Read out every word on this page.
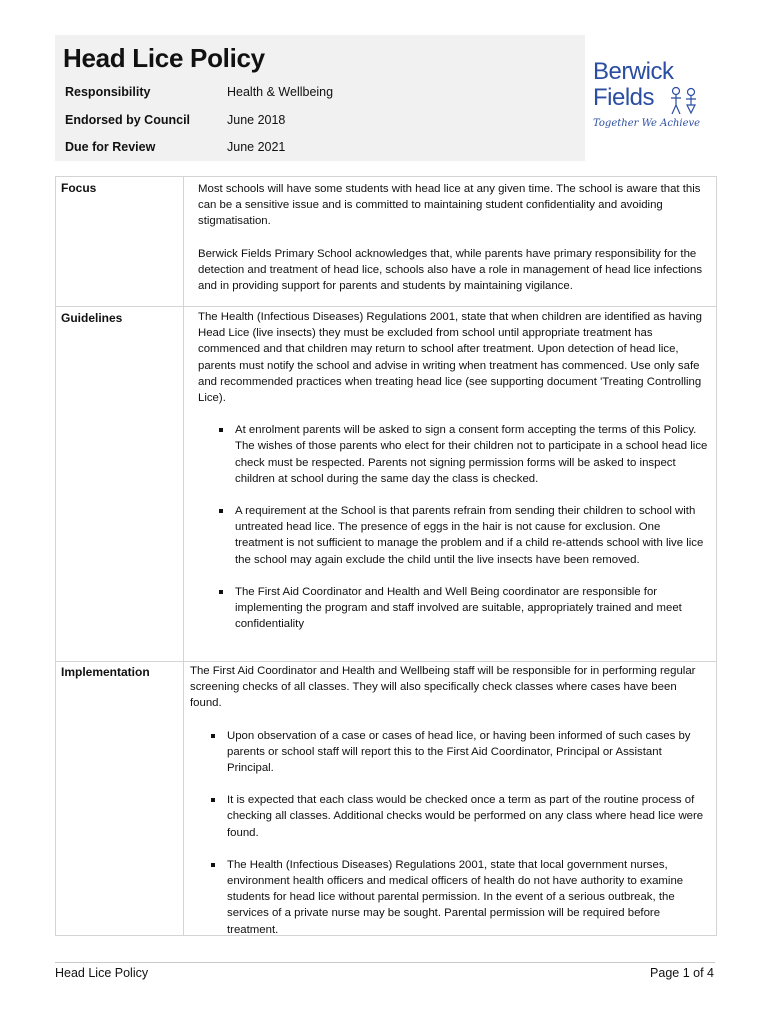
Head Lice Policy
Responsibility	Health & Wellbeing
Endorsed by Council	June 2018
Due for Review	June 2021
Berwick
Fields
Together We Achieve
Focus	Most schools will have some students with head lice at any given time. The school is aware that this can be a sensitive issue and is committed to maintaining student confidentiality and avoiding stigmatisation.

Berwick Fields Primary School acknowledges that, while parents have primary responsibility for the detection and treatment of head lice, schools also have a role in management of head lice infections and in providing support for parents and students by maintaining vigilance.

Guidelines	The Health (Infectious Diseases) Regulations 2001, state that when children are identified as having Head Lice (live insects) they must be excluded from school until appropriate treatment has commenced and that children may return to school after treatment. Upon detection of head lice, parents must notify the school and advise in writing when treatment has commenced. Use only safe and recommended practices when treating head lice (see supporting document 'Treating Controlling Lice).

At enrolment parents will be asked to sign a consent form accepting the terms of this Policy. The wishes of those parents who elect for their children not to participate in a school head lice check must be respected. Parents not signing permission forms will be asked to inspect children at school during the same day the class is checked.
A requirement at the School is that parents refrain from sending their children to school with untreated head lice. The presence of eggs in the hair is not cause for exclusion. One treatment is not sufficient to manage the problem and if a child re-attends school with live lice the school may again exclude the child until the live insects have been removed.
The First Aid Coordinator and Health and Well Being coordinator are responsible for implementing the program and staff involved are suitable, appropriately trained and meet confidentiality
Implementation	The First Aid Coordinator and Health and Wellbeing staff will be responsible for in performing regular screening checks of all classes. They will also specifically check classes where cases have been found.

Upon observation of a case or cases of head lice, or having been informed of such cases by parents or school staff will report this to the First Aid Coordinator, Principal or Assistant Principal.
It is expected that each class would be checked once a term as part of the routine process of checking all classes. Additional checks would be performed on any class where head lice were found.
The Health (Infectious Diseases) Regulations 2001, state that local government nurses, environment health officers and medical officers of health do not have authority to examine students for head lice without parental permission. In the event of a serious outbreak, the services of a private nurse may be sought. Parental permission will be required before treatment.
Head Lice Policy	Page 1 of 4
